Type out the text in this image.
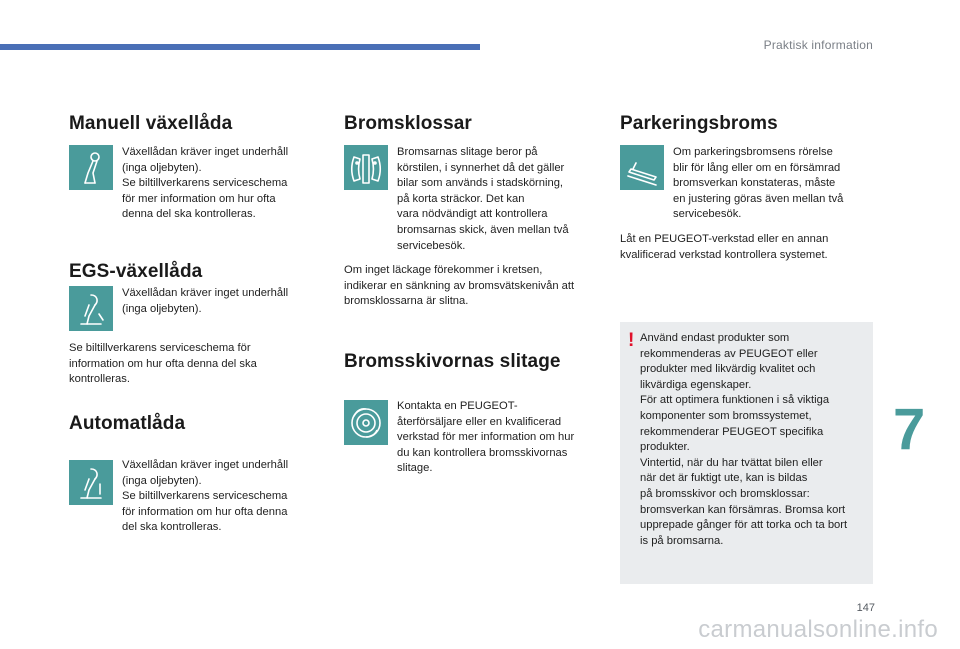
Praktisk information
Manuell växellåda

Växellådan kräver inget underhåll

(inga oljebyten).

Se biltillverkarens serviceschema

för mer information om hur ofta

denna del ska kontrolleras.

EGS-växellåda

Växellådan kräver inget underhåll

(inga oljebyten).

Se biltillverkarens serviceschema för

information om hur ofta denna del ska

kontrolleras.

Automatlåda

Växellådan kräver inget underhåll

(inga oljebyten).

Se biltillverkarens serviceschema

för information om hur ofta denna

del ska kontrolleras.

Bromsklossar

Bromsarnas slitage beror på

körstilen, i synnerhet då det gäller

bilar som används i stadskörning,

på korta sträckor. Det kan

vara nödvändigt att kontrollera

bromsarnas skick, även mellan två

servicebesök.

Om inget läckage förekommer i kretsen,

indikerar en sänkning av bromsvätskenivån att

bromsklossarna är slitna.

Bromsskivornas slitage

Kontakta en PEUGEOT-

återförsäljare eller en kvalificerad

verkstad för mer information om hur

du kan kontrollera bromsskivornas

slitage.

Parkeringsbroms

Om parkeringsbromsens rörelse

blir för lång eller om en försämrad

bromsverkan konstateras, måste

en justering göras även mellan två

servicebesök.

Låt en PEUGEOT-verkstad eller en annan

kvalificerad verkstad kontrollera systemet.

! Använd endast produkter som

rekommenderas av PEUGEOT eller

produkter med likvärdig kvalitet och

likvärdiga egenskaper.

För att optimera funktionen i så viktiga

komponenter som bromssystemet,

rekommenderar PEUGEOT specifika

produkter.

Vintertid, när du har tvättat bilen eller

när det är fuktigt ute, kan is bildas

på bromsskivor och bromsklossar:

bromsverkan kan försämras. Bromsa kort

upprepade gånger för att torka och ta bort

is på bromsarna.

7
147
carmanualsonline.info
